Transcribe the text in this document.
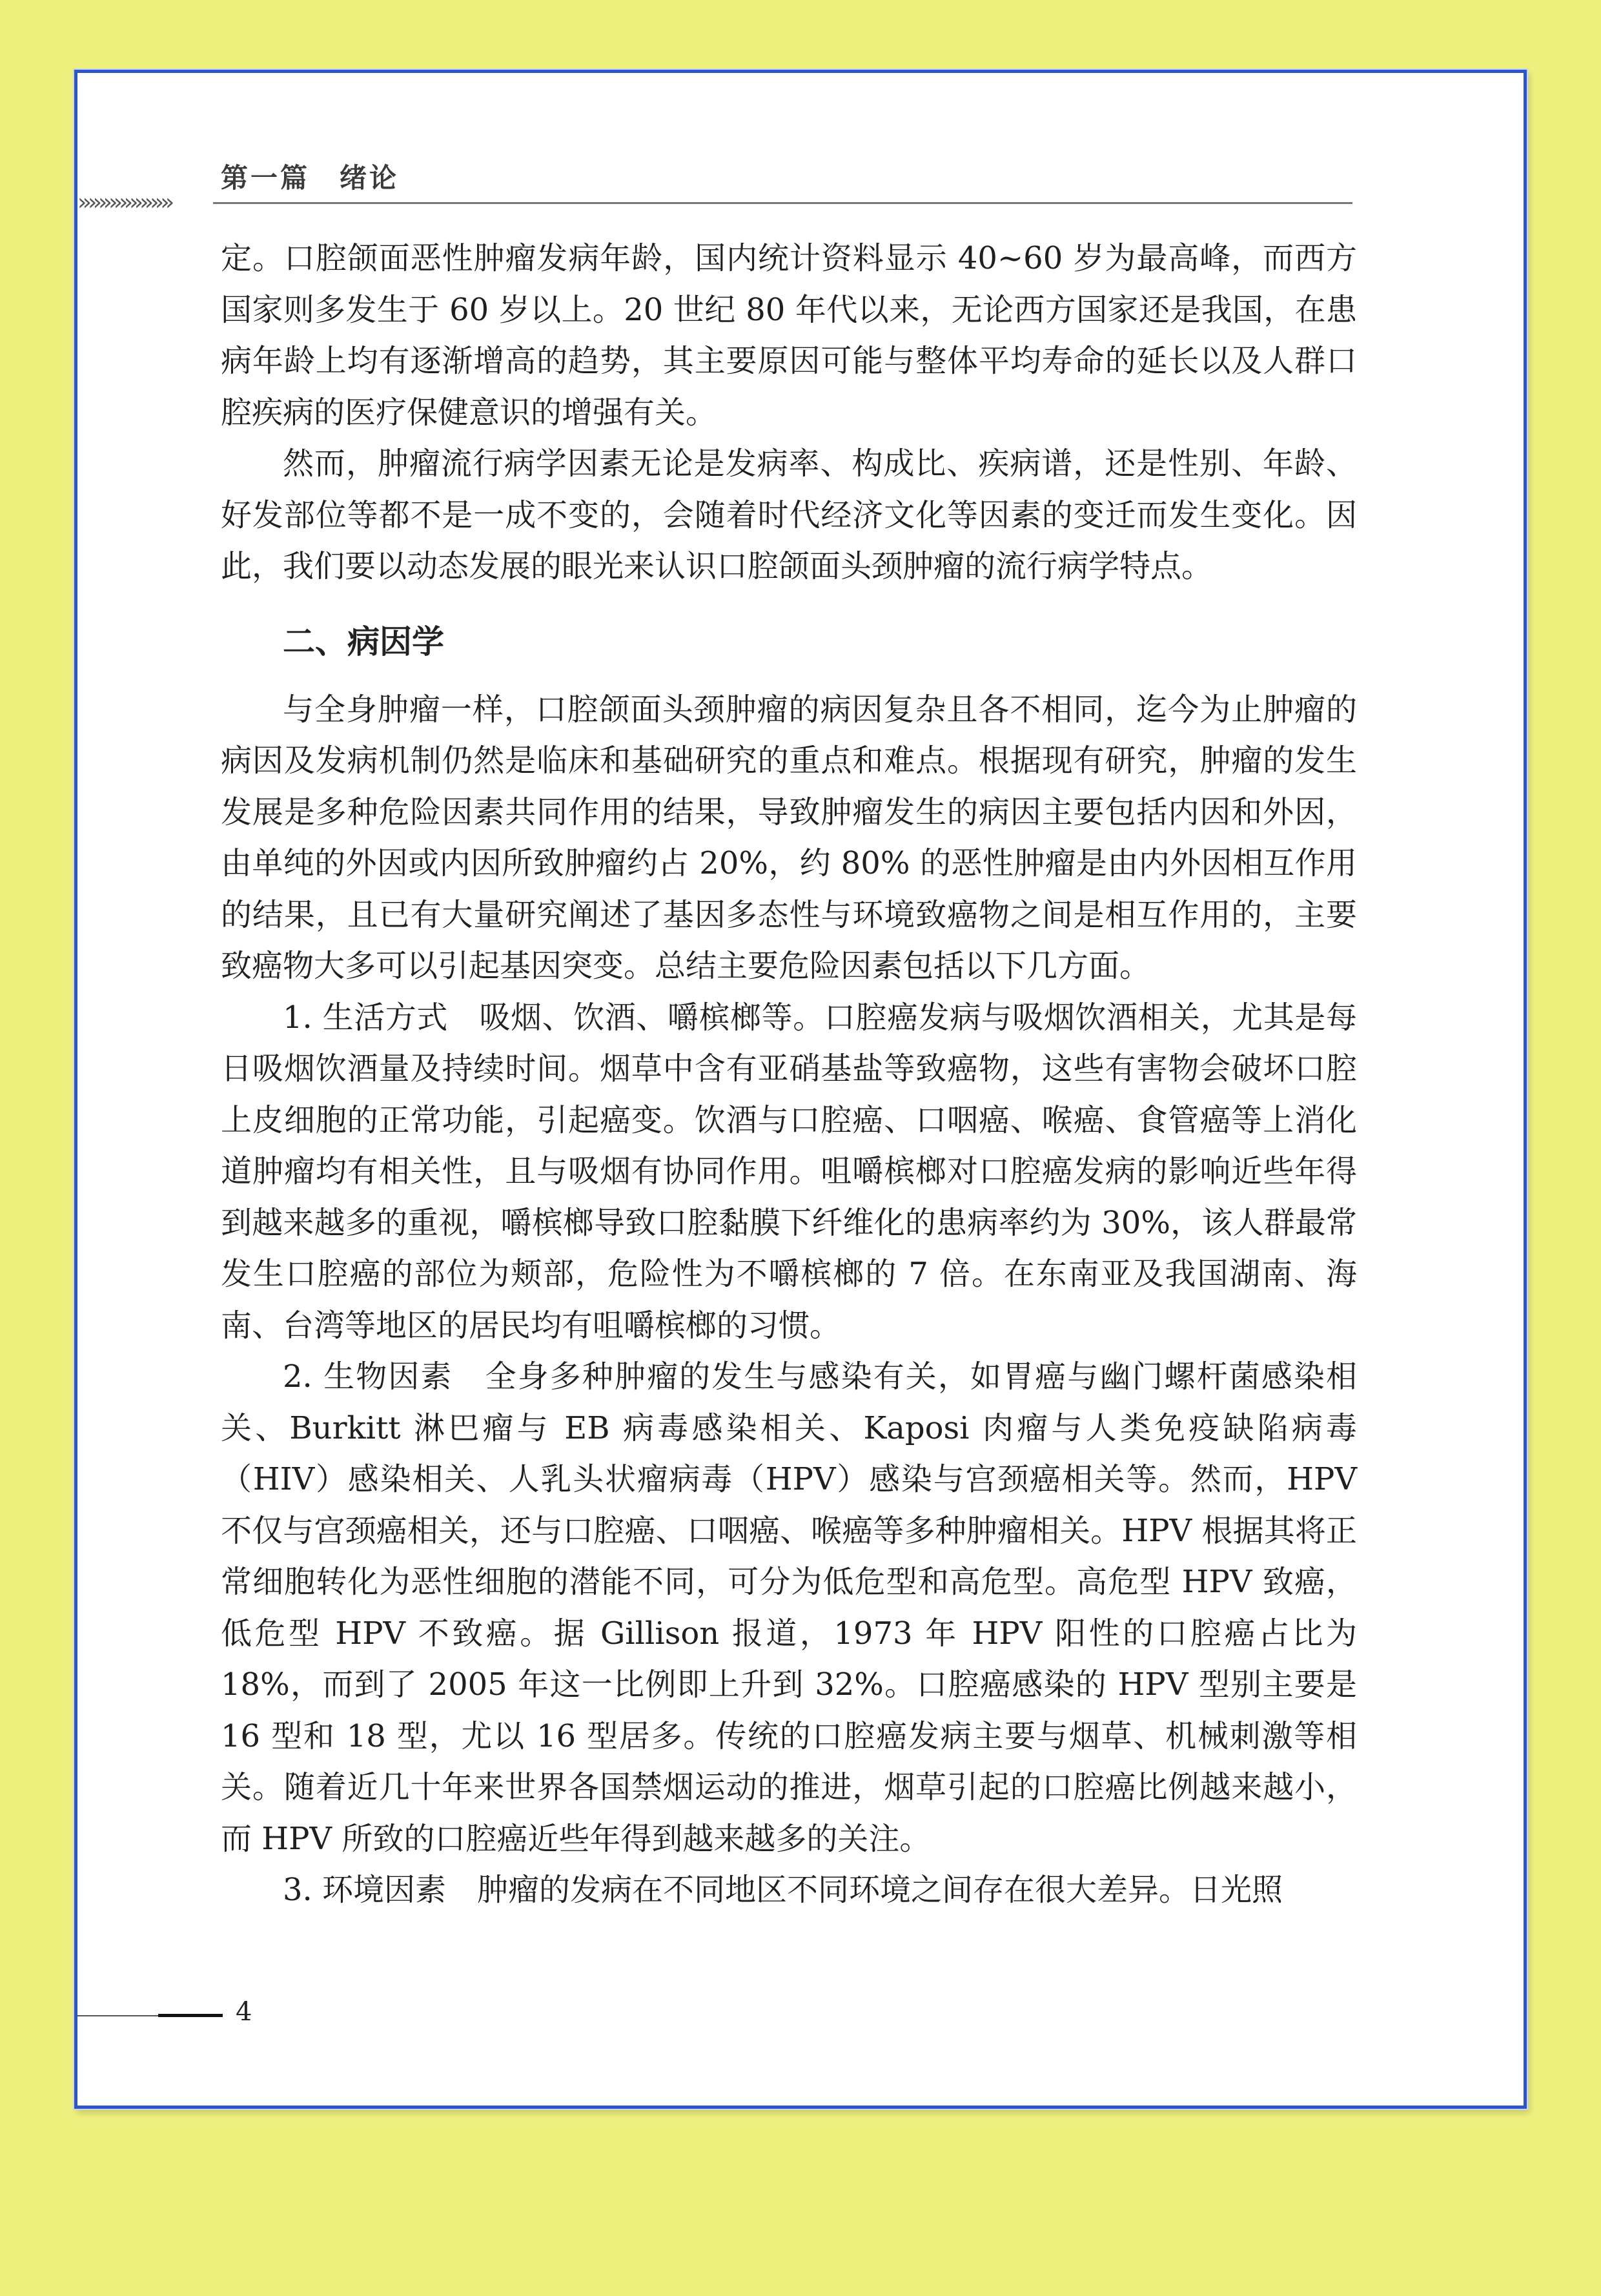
»»»»»»»»»
第一篇　绪论

定。口腔颌面恶性肿瘤发病年龄，国内统计资料显示 40~60 岁为最高峰，而西方国家则多发生于 60 岁以上。20 世纪 80 年代以来，无论西方国家还是我国，在患病年龄上均有逐渐增高的趋势，其主要原因可能与整体平均寿命的延长以及人群口腔疾病的医疗保健意识的增强有关。

然而，肿瘤流行病学因素无论是发病率、构成比、疾病谱，还是性别、年龄、好发部位等都不是一成不变的，会随着时代经济文化等因素的变迁而发生变化。因此，我们要以动态发展的眼光来认识口腔颌面头颈肿瘤的流行病学特点。

二、病因学

与全身肿瘤一样，口腔颌面头颈肿瘤的病因复杂且各不相同，迄今为止肿瘤的病因及发病机制仍然是临床和基础研究的重点和难点。根据现有研究，肿瘤的发生发展是多种危险因素共同作用的结果，导致肿瘤发生的病因主要包括内因和外因，由单纯的外因或内因所致肿瘤约占 20%，约 80% 的恶性肿瘤是由内外因相互作用的结果，且已有大量研究阐述了基因多态性与环境致癌物之间是相互作用的，主要致癌物大多可以引起基因突变。总结主要危险因素包括以下几方面。

1. 生活方式　吸烟、饮酒、嚼槟榔等。口腔癌发病与吸烟饮酒相关，尤其是每日吸烟饮酒量及持续时间。烟草中含有亚硝基盐等致癌物，这些有害物会破坏口腔上皮细胞的正常功能，引起癌变。饮酒与口腔癌、口咽癌、喉癌、食管癌等上消化道肿瘤均有相关性，且与吸烟有协同作用。咀嚼槟榔对口腔癌发病的影响近些年得到越来越多的重视，嚼槟榔导致口腔黏膜下纤维化的患病率约为 30%，该人群最常发生口腔癌的部位为颊部，危险性为不嚼槟榔的 7 倍。在东南亚及我国湖南、海南、台湾等地区的居民均有咀嚼槟榔的习惯。

2. 生物因素　全身多种肿瘤的发生与感染有关，如胃癌与幽门螺杆菌感染相关、Burkitt 淋巴瘤与 EB 病毒感染相关、Kaposi 肉瘤与人类免疫缺陷病毒（HIV）感染相关、人乳头状瘤病毒（HPV）感染与宫颈癌相关等。然而，HPV 不仅与宫颈癌相关，还与口腔癌、口咽癌、喉癌等多种肿瘤相关。HPV 根据其将正常细胞转化为恶性细胞的潜能不同，可分为低危型和高危型。高危型 HPV 致癌，低危型 HPV 不致癌。据 Gillison 报道，1973 年 HPV 阳性的口腔癌占比为 18%，而到了 2005 年这一比例即上升到 32%。口腔癌感染的 HPV 型别主要是 16 型和 18 型，尤以 16 型居多。传统的口腔癌发病主要与烟草、机械刺激等相关。随着近几十年来世界各国禁烟运动的推进，烟草引起的口腔癌比例越来越小，而 HPV 所致的口腔癌近些年得到越来越多的关注。

3. 环境因素　肿瘤的发病在不同地区不同环境之间存在很大差异。日光照

4
